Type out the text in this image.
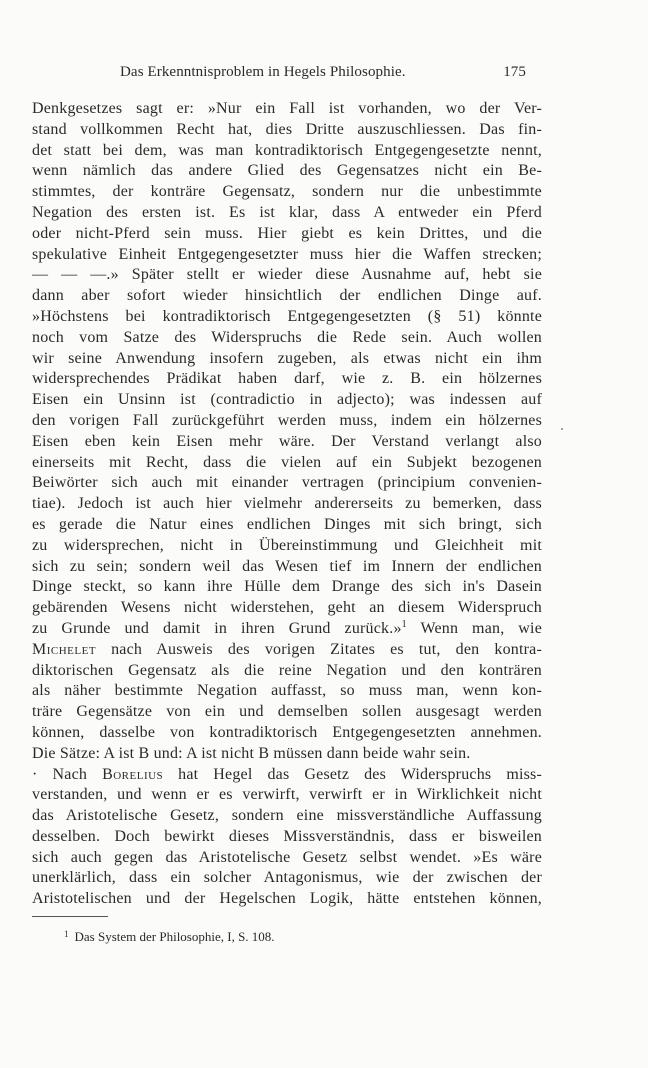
Das Erkenntnisproblem in Hegels Philosophie.	175
Denkgesetzes sagt er: »Nur ein Fall ist vorhanden, wo der Ver-
stand vollkommen Recht hat, dies Dritte auszuschliessen. Das fin-
det statt bei dem, was man kontradiktorisch Entgegengesetzte nennt,
wenn nämlich das andere Glied des Gegensatzes nicht ein Be-
stimmtes, der konträre Gegensatz, sondern nur die unbestimmte
Negation des ersten ist. Es ist klar, dass A entweder ein Pferd
oder nicht-Pferd sein muss. Hier giebt es kein Drittes, und die
spekulative Einheit Entgegengesetzter muss hier die Waffen strecken;
— — —.» Später stellt er wieder diese Ausnahme auf, hebt sie
dann aber sofort wieder hinsichtlich der endlichen Dinge auf.
»Höchstens bei kontradiktorisch Entgegengesetzten (§ 51) könnte
noch vom Satze des Widerspruchs die Rede sein. Auch wollen
wir seine Anwendung insofern zugeben, als etwas nicht ein ihm
widersprechendes Prädikat haben darf, wie z. B. ein hölzernes
Eisen ein Unsinn ist (contradictio in adjecto); was indessen auf
den vorigen Fall zurückgeführt werden muss, indem ein hölzernes
Eisen eben kein Eisen mehr wäre. Der Verstand verlangt also
einerseits mit Recht, dass die vielen auf ein Subjekt bezogenen
Beiwörter sich auch mit einander vertragen (principium convenien-
tiae). Jedoch ist auch hier vielmehr andererseits zu bemerken, dass
es gerade die Natur eines endlichen Dinges mit sich bringt, sich
zu widersprechen, nicht in Übereinstimmung und Gleichheit mit
sich zu sein; sondern weil das Wesen tief im Innern der endlichen
Dinge steckt, so kann ihre Hülle dem Drange des sich in's Dasein
gebärenden Wesens nicht widerstehen, geht an diesem Widerspruch
zu Grunde und damit in ihren Grund zurück.»$^1$ Wenn man, wie
Michelet nach Ausweis des vorigen Zitates es tut, den kontra-
diktorischen Gegensatz als die reine Negation und den konträren
als näher bestimmte Negation auffasst, so muss man, wenn kon-
träre Gegensätze von ein und demselben sollen ausgesagt werden
können, dasselbe von kontradiktorisch Entgegengesetzten annehmen.
Die Sätze: A ist B und: A ist nicht B müssen dann beide wahr sein.
· Nach Borelius hat Hegel das Gesetz des Widerspruchs miss-
verstanden, und wenn er es verwirft, verwirft er in Wirklichkeit nicht
das Aristotelische Gesetz, sondern eine missverständliche Auffassung
desselben. Doch bewirkt dieses Missverständnis, dass er bisweilen
sich auch gegen das Aristotelische Gesetz selbst wendet. »Es wäre
unerklärlich, dass ein solcher Antagonismus, wie der zwischen der
Aristotelischen und der Hegelschen Logik, hätte entstehen können,
$^1$ Das System der Philosophie, I, S. 108.
